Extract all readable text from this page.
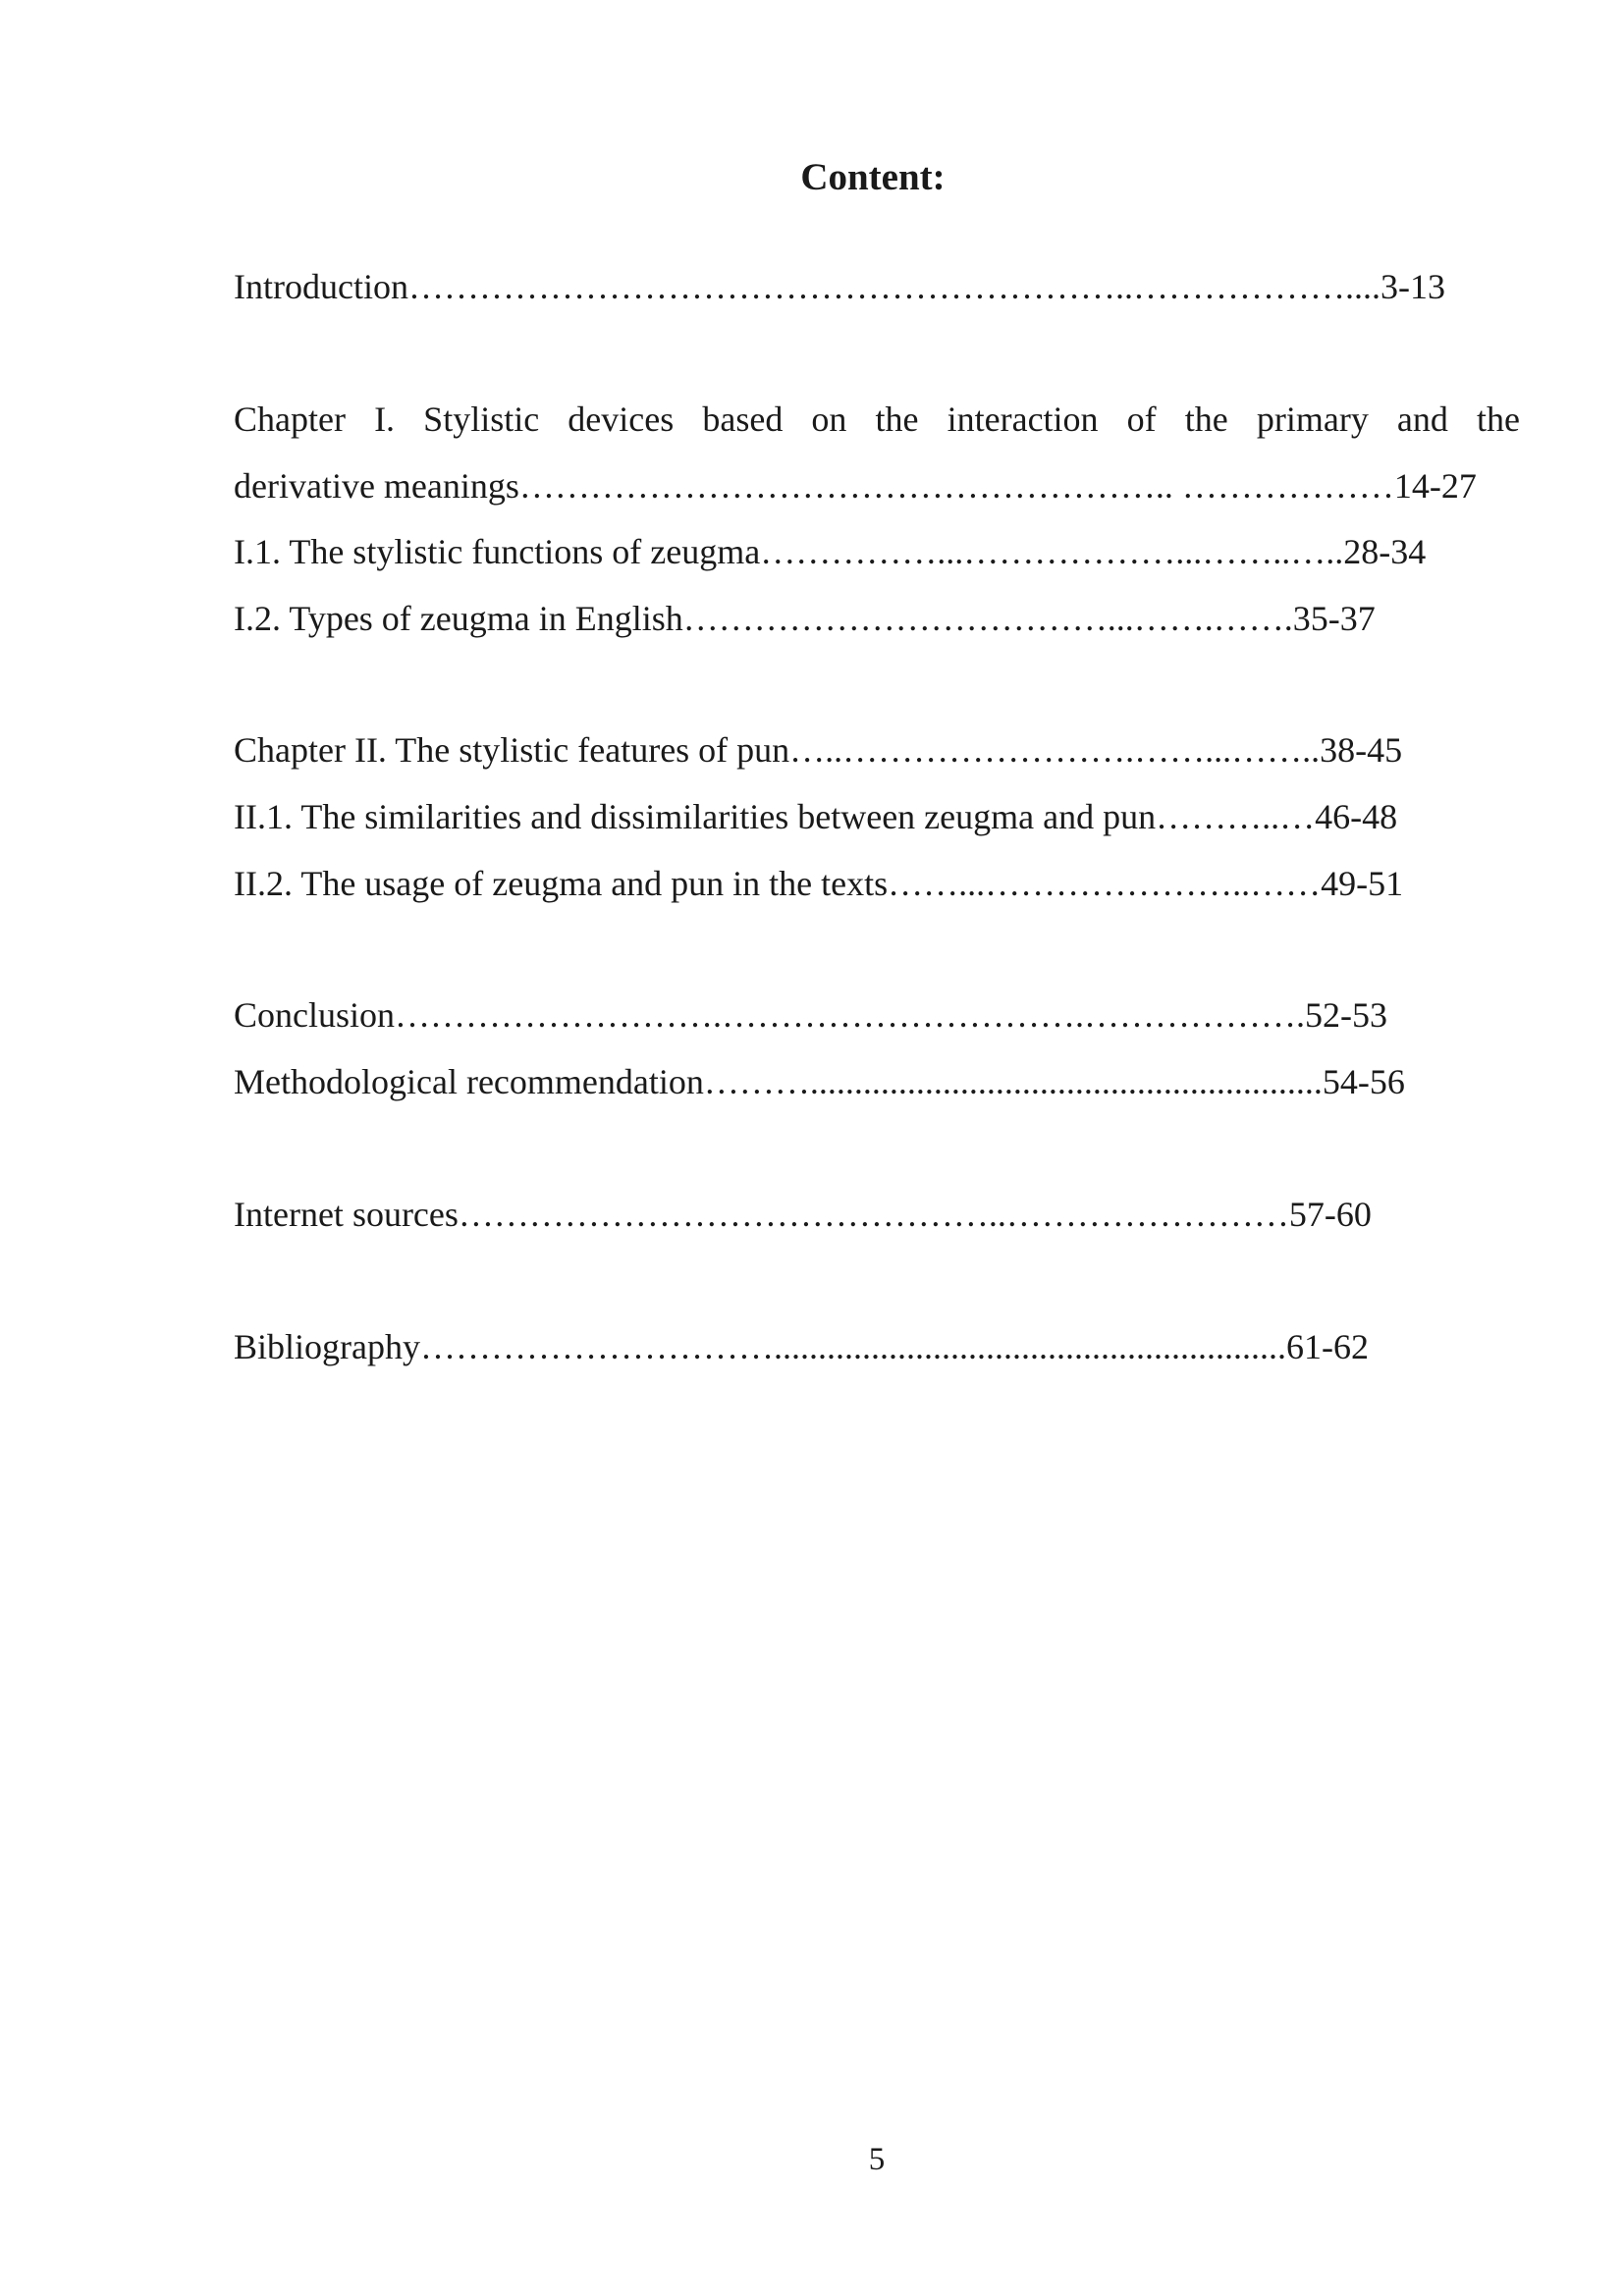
Content:
Introduction……………………………………………………..………………....3-13
Chapter I. Stylistic devices based on the interaction of the primary and the
derivative meanings……………………………………………….. ………………14-27
I.1. The stylistic functions of zeugma……………...………………...……..…..28-34
I.2. Types of zeugma in English………………………………...…….…….35-37
Chapter II. The stylistic features of pun…..…………………….……...……..38-45
II.1. The similarities and dissimilarities between zeugma and pun………..…46-48
II.2. The usage of zeugma and pun in the texts……...…………………..……49-51
Conclusion……………………….………………………….……………….52-53
Methodological recommendation………..........................................................54-56
Internet sources………………………………………..……………………57-60
Bibliography…………………………..........................................................61-62
5
